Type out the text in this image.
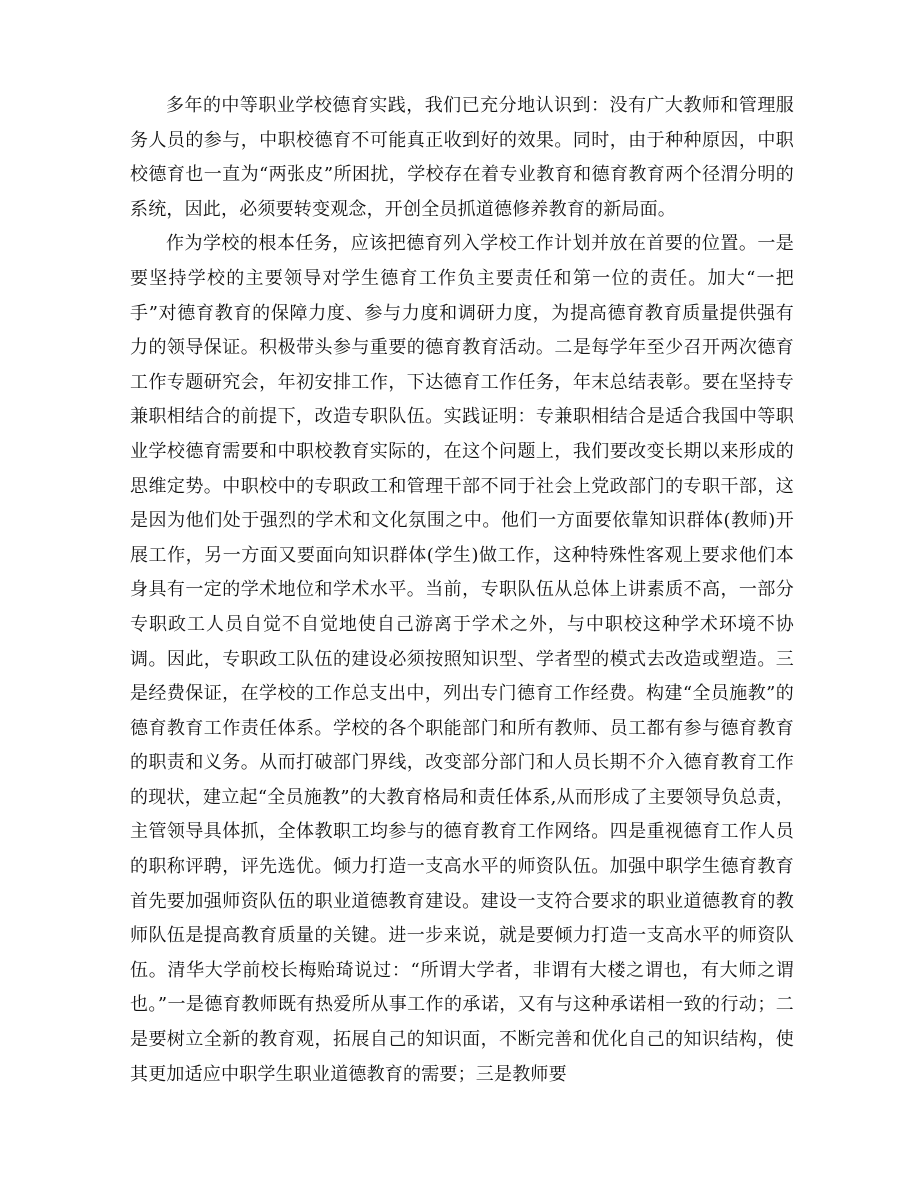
多年的中等职业学校德育实践，我们已充分地认识到：没有广大教师和管理服务人员的参与，中职校德育不可能真正收到好的效果。同时，由于种种原因，中职校德育也一直为“两张皮”所困扰，学校存在着专业教育和德育教育两个径渭分明的系统，因此，必须要转变观念，开创全员抓道德修养教育的新局面。

作为学校的根本任务，应该把德育列入学校工作计划并放在首要的位置。一是要坚持学校的主要领导对学生德育工作负主要责任和第一位的责任。加大“一把手”对德育教育的保障力度、参与力度和调研力度，为提高德育教育质量提供强有力的领导保证。积极带头参与重要的德育教育活动。二是每学年至少召开两次德育工作专题研究会，年初安排工作，下达德育工作任务，年末总结表彰。要在坚持专兼职相结合的前提下，改造专职队伍。实践证明：专兼职相结合是适合我国中等职业学校德育需要和中职校教育实际的，在这个问题上，我们要改变长期以来形成的思维定势。中职校中的专职政工和管理干部不同于社会上党政部门的专职干部，这是因为他们处于强烈的学术和文化氛围之中。他们一方面要依靠知识群体(教师)开展工作，另一方面又要面向知识群体(学生)做工作，这种特殊性客观上要求他们本身具有一定的学术地位和学术水平。当前，专职队伍从总体上讲素质不高，一部分专职政工人员自觉不自觉地使自己游离于学术之外，与中职校这种学术环境不协调。因此，专职政工队伍的建设必须按照知识型、学者型的模式去改造或塑造。三是经费保证，在学校的工作总支出中，列出专门德育工作经费。构建“全员施教”的德育教育工作责任体系。学校的各个职能部门和所有教师、员工都有参与德育教育的职责和义务。从而打破部门界线，改变部分部门和人员长期不介入德育教育工作的现状，建立起“全员施教”的大教育格局和责任体系,从而形成了主要领导负总责，主管领导具体抓，全体教职工均参与的德育教育工作网络。四是重视德育工作人员的职称评聘，评先选优。倾力打造一支高水平的师资队伍。加强中职学生德育教育首先要加强师资队伍的职业道德教育建设。建设一支符合要求的职业道德教育的教师队伍是提高教育质量的关键。进一步来说，就是要倾力打造一支高水平的师资队伍。清华大学前校长梅贻琦说过：“所谓大学者，非谓有大楼之谓也，有大师之谓也。”一是德育教师既有热爱所从事工作的承诺，又有与这种承诺相一致的行动；二是要树立全新的教育观，拓展自己的知识面，不断完善和优化自己的知识结构，使其更加适应中职学生职业道德教育的需要；三是教师要
